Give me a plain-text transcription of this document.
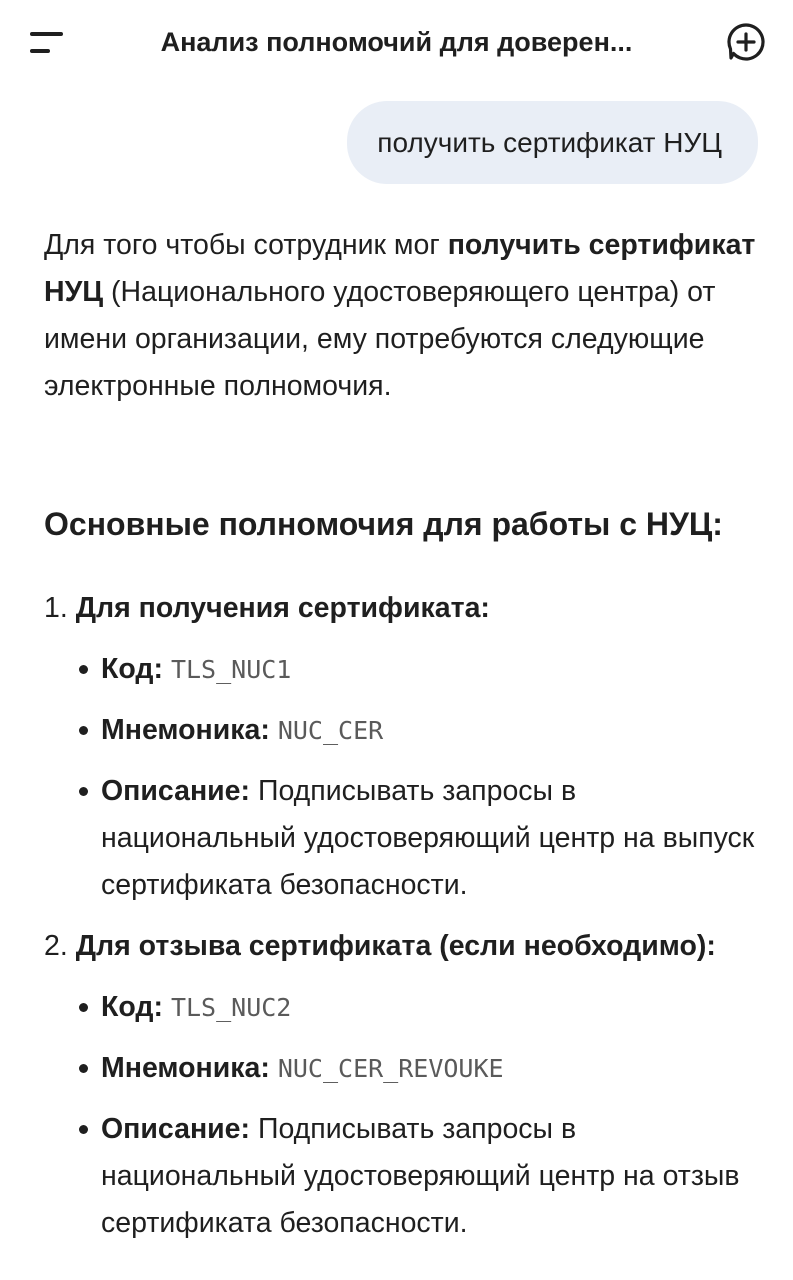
Анализ полномочий для доверен...
получить сертификат НУЦ

Для того чтобы сотрудник мог получить сертификат НУЦ (Национального удостоверяющего центра) от имени организации, ему потребуются следующие электронные полномочия.

Основные полномочия для работы с НУЦ:
1. Для получения сертификата:
Код: TLS_NUC1
Мнемоника: NUC_CER
Описание: Подписывать запросы в национальный удостоверяющий центр на выпуск сертификата безопасности.
2. Для отзыва сертификата (если необходимо):
Код: TLS_NUC2
Мнемоника: NUC_CER_REVOUKE
Описание: Подписывать запросы в национальный удостоверяющий центр на отзыв сертификата безопасности.
